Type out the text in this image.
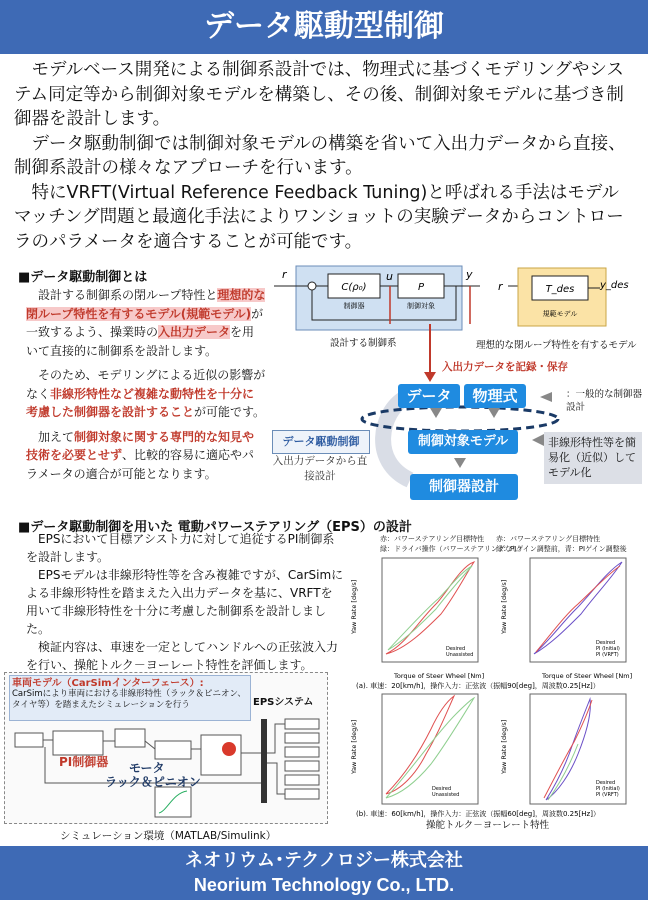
データ駆動型制御

モデルベース開発による制御系設計では、物理式に基づくモデリングやシステム同定等から制御対象モデルを構築し、その後、制御対象モデルに基づき制御器を設計します。

データ駆動制御では制御対象モデルの構築を省いて入出力データから直接、制御系設計の様々なアプローチを行います。

特にVRFT(Virtual Reference Feedback Tuning)と呼ばれる手法はモデルマッチング問題と最適化手法によりワンショットの実験データからコントローラのパラメータを適合することが可能です。

■データ駆動制御とは

設計する制御系の閉ループ特性と理想的な閉ループ特性を有するモデル(規範モデル)が一致するよう、操業時の入出力データを用いて直接的に制御系を設計します。

そのため、モデリングによる近似の影響がなく非線形特性など複雑な動特性を十分に考慮した制御器を設計することが可能です。

加えて制御対象に関する専門的な知見や技術を必要とせず、比較的容易に適応やパラメータの適合が可能となります。

r
C(ρ₀)
制御器
u
P
制御対象
y
設計する制御系
r	T_des
規範モデル
y_des
理想的な閉ループ特性を有するモデル
入出力データを記録・保存
データ	物理式
制御対象モデル
制御器設計
：一般的な制御器設計
非線形特性等を簡易化（近似）してモデル化
データ駆動制御
入出力データから直接設計
■データ駆動制御を用いた 電動パワーステアリング（EPS）の設計

EPSにおいて目標アシスト力に対して追従するPI制御系を設計します。

EPSモデルは非線形特性等を含み複雑ですが、CarSimによる非線形特性を踏まえた入出力データを基に、VRFTを用いて非線形特性を十分に考慮した制御系を設計しました。

検証内容は、車速を一定としてハンドルへの正弦波入力を行い、操舵トルク－ヨーレート特性を評価します。

車両モデル（CarSimインターフェース）:
CarSimにより車両における非線形特性（ラック＆ピニオン、タイヤ等）を踏まえたシミュレーションを行う	EPSシステム
PI制御器 モータ
ラック＆ピニオン
シミュレーション環境（MATLAB/Simulink）
赤：パワーステアリング目標特性
緑：ドライバ操作（パワーステアリングなし）
赤：パワーステアリング目標特性
緑：PIゲイン調整前，青：PIゲイン調整後
Yaw Rate [deg/s]
Torque of Steer Wheel [Nm]
Desired
Unassisted
Yaw Rate [deg/s]
Torque of Steer Wheel [Nm]
Desired
PI (Initial)
PI (VRFT)
(a). 車速：20[km/h]，操作入力：正弦波（振幅90[deg]，周波数0.25[Hz]）
Yaw Rate [deg/s]
Desired
Unassisted
Yaw Rate [deg/s]
Desired
PI (Initial)
PI (VRFT)
(b). 車速：60[km/h]，操作入力：正弦波（振幅60[deg]，周波数0.25[Hz]）
操舵トルク－ヨーレート特性
ネオリウム･テクノロジー株式会社
Neorium Technology Co., LTD.
